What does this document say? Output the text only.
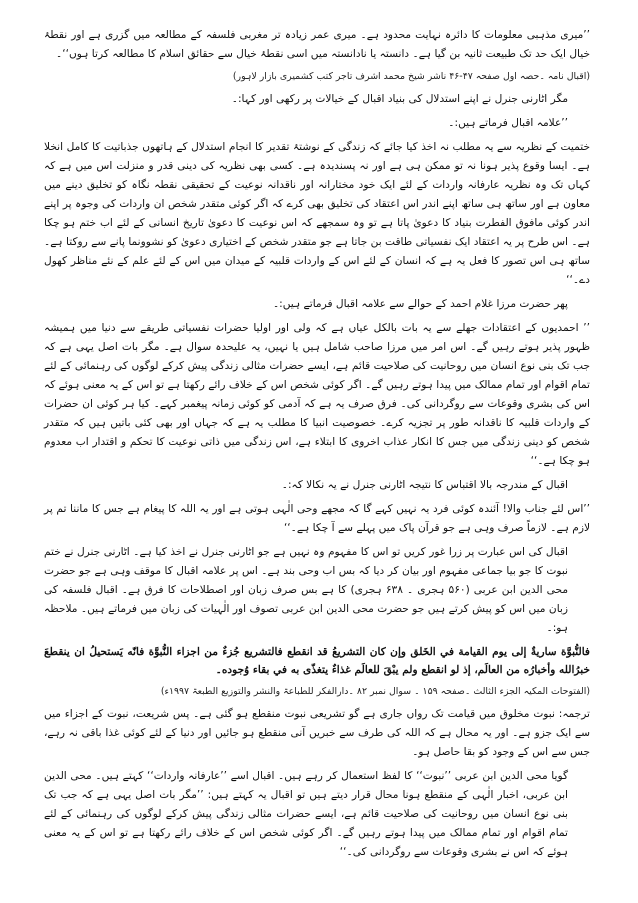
’’میری مذہبی معلومات کا دائرہ نہایت محدود ہے۔ میری عمر زیادہ تر مغربی فلسفہ کے مطالعہ میں گزری ہے اور نقطۂ خیال ایک حد تک طبیعت ثانیہ بن گیا ہے۔ دانستہ یا نادانستہ میں اسی نقطۂ خیال سے حقائق اسلام کا مطالعہ کرتا ہوں‘‘۔

(اقبال نامہ ۔حصہ اول صفحہ ۴۷-۴۶ ناشر شیخ محمد اشرف تاجر کتب کشمیری بازار لاہور)

مگر اٹارنی جنرل نے اپنے استدلال کی بنیاد اقبال کے خیالات پر رکھی اور کہا:۔

’’علامہ اقبال فرماتے ہیں:۔

ختمیت کے نظریہ سے یہ مطلب نہ اخذ کیا جائے کہ زندگی کے نوشتۂ تقدیر کا انجام استدلال کے ہاتھوں جذباتیت کا کامل انخلا ہے۔ ایسا وقوع پذیر ہونا نہ تو ممکن ہی ہے اور نہ پسندیدہ ہے۔ کسی بھی نظریہ کی دینی قدر و منزلت اس میں ہے کہ کہاں تک وہ نظریہ عارفانہ واردات کے لئے ایک خود مختارانہ اور ناقدانہ نوعیت کے تحقیقی نقطہ نگاہ کو تخلیق دینے میں معاون ہے اور ساتھ ہی ساتھ اپنے اندر اس اعتقاد کی تخلیق بھی کرے کہ اگر کوئی متقدر شخص ان واردات کی وجوہ پر اپنے اندر کوئی مافوق الفطرت بنیاد کا دعویٰ پاتا ہے تو وہ سمجھے کہ اس نوعیت کا دعویٰ تاریخ انسانی کے لئے اب ختم ہو چکا ہے۔ اس طرح پر یہ اعتقاد ایک نفسیاتی طاقت بن جاتا ہے جو متقدر شخص کے اختیاری دعویٰ کو نشوونما پانے سے روکتا ہے۔ ساتھ ہی اس تصور کا فعل یہ ہے کہ انسان کے لئے اس کے واردات قلبیہ کے میدان میں اس کے لئے علم کے نئے مناظر کھول دے۔‘‘

پھر حضرت مرزا غلام احمد کے حوالے سے علامہ اقبال فرماتے ہیں:۔

’’ احمدیوں کے اعتقادات جھلے سے یہ بات بالکل عیاں ہے کہ ولی اور اولیا حضرات نفسیاتی طریقے سے دنیا میں ہمیشہ ظہور پذیر ہوتے رہیں گے۔ اس امر میں مرزا صاحب شامل ہیں یا نہیں، یہ علیحدہ سوال ہے۔ مگر بات اصل یہی ہے کہ جب تک بنی نوع انسان میں روحانیت کی صلاحیت قائم ہے، ایسے حضرات مثالی زندگی پیش کرکے لوگوں کی رہنمائی کے لئے تمام اقوام اور تمام ممالک میں پیدا ہوتے رہیں گے۔ اگر کوئی شخص اس کے خلاف رائے رکھتا ہے تو اس کے یہ معنی ہوئے کہ اس کی بشری وقوعات سے روگردانی کی۔ فرق صرف یہ ہے کہ آدمی کو کوئی زمانہ پیغمبر کہے۔ کیا ہر کوئی ان حضرات کے واردات قلبیہ کا ناقدانہ طور پر تجزیہ کرے۔ خصوصیت انبیا کا مطلب یہ ہے کہ جہاں اور بھی کئی باتیں ہیں کہ متقدر شخص کو دینی زندگی میں جس کا انکار عذاب اخروی کا ابتلاء ہے، اس زندگی میں ذاتی نوعیت کا تحکم و اقتدار اب معدوم ہو چکا ہے۔‘‘

اقبال کے مندرجہ بالا اقتباس کا نتیجہ اٹارنی جنرل نے یہ نکالا کہ:۔

’’اس لئے جناب والا! آئندہ کوئی فرد یہ نہیں کہے گا کہ مجھے وحی الٰہی ہوتی ہے اور یہ اللہ کا پیغام ہے جس کا ماننا تم پر لازم ہے۔ لازماً صرف وہی ہے جو قرآن پاک میں پہلے سے آ چکا ہے۔‘‘

اقبال کی اس عبارت پر زرا غور کریں تو اس کا مفہوم وہ نہیں ہے جو اٹارنی جنرل نے اخذ کیا ہے۔ اٹارنی جنرل نے ختم نبوت کا جو بیا جماعی مفہوم اور بیان کر دیا کہ بس اب وحی بند ہے۔ اس پر علامہ اقبال کا موقف وہی ہے جو حضرت محی الدین ابن عربی (۵۶۰ ہجری ۔ ۶۳۸ ہجری) کا ہے بس صرف زبان اور اصطلاحات کا فرق ہے۔ اقبال فلسفہ کی زبان میں اس کو پیش کرتے ہیں جو حضرت محی الدین ابن عربی تصوف اور الٰہیات کی زبان میں فرماتے ہیں۔ ملاحظہ ہو:۔

فالنُّبوَّة ساريةٌ إلى يوم القيامة في الخَلق وإن كان التشريعُ قد انقطع فالتشريع جُزءٌ من اجزاء النُّبوَّة فانّه يَستحيلُ ان ينقطعَ خبرُالله وأخبارُه من العالَم، إذ لو انقطع ولم يبْقَ للعالَم غذاءٌ يتغذّى به في بقاء وُجوده۔

(الفتوحات المکیہ الجزء الثالث ۔صفحہ ۱۵۹ ۔ سوال نمبر ۸۲ ۔دارالفکر للطباعۃ والنشر والتوزیع الطبعۃ ۱۹۹۷ء)

ترجمہ: نبوت مخلوق میں قیامت تک رواں جاری ہے گو تشریعی نبوت منقطع ہو گئی ہے۔ پس شریعت، نبوت کے اجزاء میں سے ایک جزو ہے۔ اور یہ محال ہے کہ اللہ کی طرف سے خبریں آنی منقطع ہو جائیں اور دنیا کے لئے کوئی غذا باقی نہ رہے، جس سے اس کے وجود کو بقا حاصل ہو۔

گویا محی الدین ابن عربی ’’نبوت‘‘ کا لفظ استعمال کر رہے ہیں۔ اقبال اسے ’’عارفانہ واردات‘‘ کہتے ہیں۔ محی الدین ابن عربی، اخبار الٰہی کے منقطع ہونا محال قرار دیتے ہیں تو اقبال یہ کہتے ہیں: ’’مگر بات اصل یہی ہے کہ جب تک بنی نوع انسان میں روحانیت کی صلاحیت قائم ہے، ایسے حضرات مثالی زندگی پیش کرکے لوگوں کی رہنمائی کے لئے تمام اقوام اور تمام ممالک میں پیدا ہوتے رہیں گے۔ اگر کوئی شخص اس کے خلاف رائے رکھتا ہے تو اس کے یہ معنی ہوئے کہ اس نے بشری وقوعات سے روگردانی کی۔‘‘
